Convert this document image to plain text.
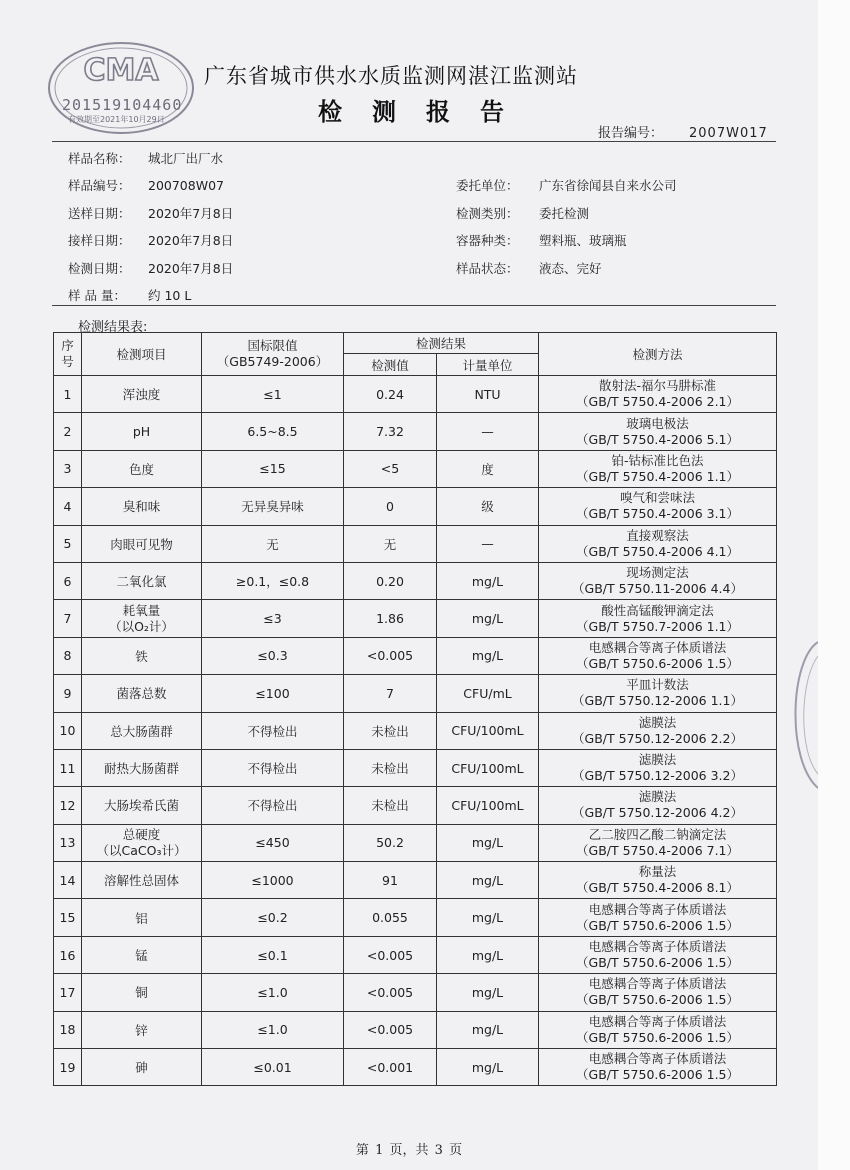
CMA
201519104460
有效期至2021年10月29日
广东省城市供水水质监测网湛江监测站
检测报告
报告编号： 2007W017
样品名称： 城北厂出厂水
样品编号： 200708W07
送样日期： 2020年7月8日
接样日期： 2020年7月8日
检测日期： 2020年7月8日
样 品 量： 约 10 L
委托单位： 广东省徐闻县自来水公司
检测类别： 委托检测
容器种类： 塑料瓶、玻璃瓶
样品状态： 液态、完好
检测结果表:
序
号	检测项目	国标限值
（GB5749-2006）	检测结果		检测方法
			检测值	计量单位	
1	浑浊度	≤1	0.24	NTU	散射法-福尔马肼标准
（GB/T 5750.4-2006 2.1）

2	pH	6.5~8.5	7.32	—	玻璃电极法
（GB/T 5750.4-2006 5.1）

3	色度	≤15	<5	度	铂-钴标准比色法
（GB/T 5750.4-2006 1.1）

4	臭和味	无异臭异味	0	级	嗅气和尝味法
（GB/T 5750.4-2006 3.1）

5	肉眼可见物	无	无	—	直接观察法
（GB/T 5750.4-2006 4.1）

6	二氧化氯	≥0.1，≤0.8	0.20	mg/L	现场测定法
（GB/T 5750.11-2006 4.4）

7	耗氧量
（以O₂计）	≤3	1.86	mg/L	酸性高锰酸钾滴定法
（GB/T 5750.7-2006 1.1）

8	铁	≤0.3	<0.005	mg/L	电感耦合等离子体质谱法
（GB/T 5750.6-2006 1.5）

9	菌落总数	≤100	7	CFU/mL	平皿计数法
（GB/T 5750.12-2006 1.1）

10	总大肠菌群	不得检出	未检出	CFU/100mL	滤膜法
（GB/T 5750.12-2006 2.2）

11	耐热大肠菌群	不得检出	未检出	CFU/100mL	滤膜法
（GB/T 5750.12-2006 3.2）

12	大肠埃希氏菌	不得检出	未检出	CFU/100mL	滤膜法
（GB/T 5750.12-2006 4.2）

13	总硬度
（以CaCO₃计）	≤450	50.2	mg/L	乙二胺四乙酸二钠滴定法
（GB/T 5750.4-2006 7.1）

14	溶解性总固体	≤1000	91	mg/L	称量法
（GB/T 5750.4-2006 8.1）

15	铝	≤0.2	0.055	mg/L	电感耦合等离子体质谱法
（GB/T 5750.6-2006 1.5）

16	锰	≤0.1	<0.005	mg/L	电感耦合等离子体质谱法
（GB/T 5750.6-2006 1.5）

17	铜	≤1.0	<0.005	mg/L	电感耦合等离子体质谱法
（GB/T 5750.6-2006 1.5）

18	锌	≤1.0	<0.005	mg/L	电感耦合等离子体质谱法
（GB/T 5750.6-2006 1.5）

19	砷	≤0.01	<0.001	mg/L	电感耦合等离子体质谱法
（GB/T 5750.6-2006 1.5）
第 1 页，共 3 页
